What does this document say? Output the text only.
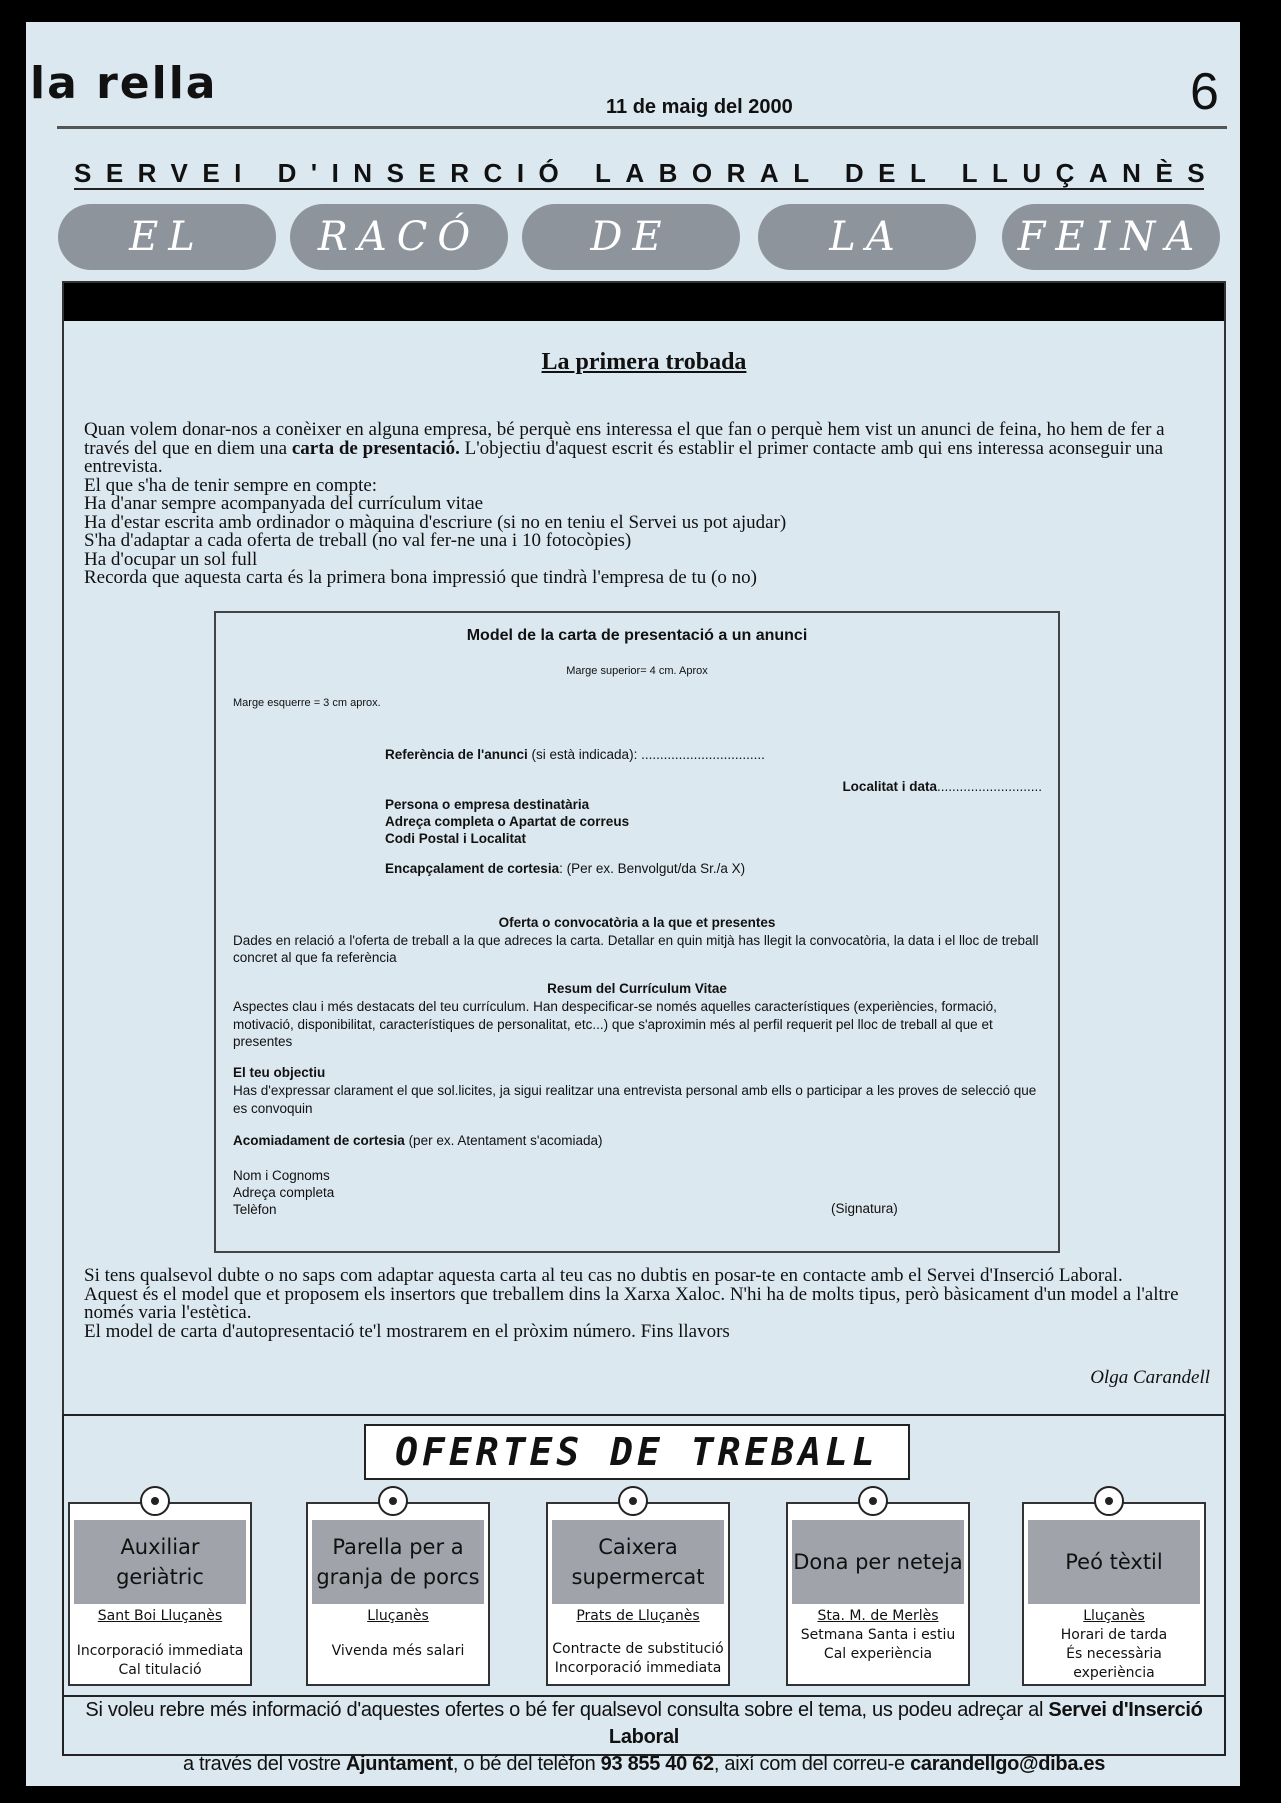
la rella	11 de maig del 2000	6
SERVEI D'INSERCIÓ LABORAL DEL LLUÇANÈS
EL	RACÓ	DE	LA	FEINA
La primera trobada

Quan volem donar-nos a conèixer en alguna empresa, bé perquè ens interessa el que fan o perquè hem vist un anunci de feina, ho hem de fer a través del que en diem una carta de presentació. L'objectiu d'aquest escrit és establir el primer contacte amb qui ens interessa aconseguir una entrevista.

El que s'ha de tenir sempre en compte:

Ha d'anar sempre acompanyada del currículum vitae

Ha d'estar escrita amb ordinador o màquina d'escriure (si no en teniu el Servei us pot ajudar)

S'ha d'adaptar a cada oferta de treball (no val fer-ne una i 10 fotocòpies)

Ha d'ocupar un sol full

Recorda que aquesta carta és la primera bona impressió que tindrà l'empresa de tu (o no)

Model de la carta de presentació a un anunci
Marge superior= 4 cm. Aprox
Marge esquerre = 3 cm aprox.
Referència de l'anunci (si està indicada): .................................
Localitat i data............................
Persona o empresa destinatària
Adreça completa o Apartat de correus
Codi Postal i Localitat
Encapçalament de cortesia: (Per ex. Benvolgut/da Sr./a X)
Oferta o convocatòria a la que et presentes
Dades en relació a l'oferta de treball a la que adreces la carta. Detallar en quin mitjà has llegit la convocatòria, la data i el lloc de treball concret al que fa referència
Resum del Currículum Vitae
Aspectes clau i més destacats del teu currículum. Han despecificar-se només aquelles característiques (experiències, formació, motivació, disponibilitat, característiques de personalitat, etc...) que s'aproximin més al perfil requerit pel lloc de treball al que et presentes
El teu objectiu
Has d'expressar clarament el que sol.licites, ja sigui realitzar una entrevista personal amb ells o participar a les proves de selecció que es convoquin
Acomiadament de cortesia (per ex. Atentament s'acomiada)
Nom i Cognoms
Adreça completa
Telèfon	(Signatura)

Si tens qualsevol dubte o no saps com adaptar aquesta carta al teu cas no dubtis en posar-te en contacte amb el Servei d'Inserció Laboral.

Aquest és el model que et proposem els insertors que treballem dins la Xarxa Xaloc. N'hi ha de molts tipus, però bàsicament d'un model a l'altre només varia l'estètica.

El model de carta d'autopresentació te'l mostrarem en el pròxim número. Fins llavors

Olga Carandell
OFERTES DE TREBALL
Auxiliar geriàtric
Sant Boi Lluçanès
Incorporació immediata
Cal titulació
Parella per a granja de porcs
Lluçanès
Vivenda més salari
Caixera supermercat
Prats de Lluçanès
Contracte de substitució
Incorporació immediata
Dona per neteja
Sta. M. de Merlès
Setmana Santa i estiu
Cal experiència
Peó tèxtil
Lluçanès
Horari de tarda
És necessària
experiència
Si voleu rebre més informació d'aquestes ofertes o bé fer qualsevol consulta sobre el tema, us podeu adreçar al Servei d'Inserció Laboral
a través del vostre Ajuntament, o bé del telèfon 93 855 40 62, així com del correu-e carandellgo@diba.es
